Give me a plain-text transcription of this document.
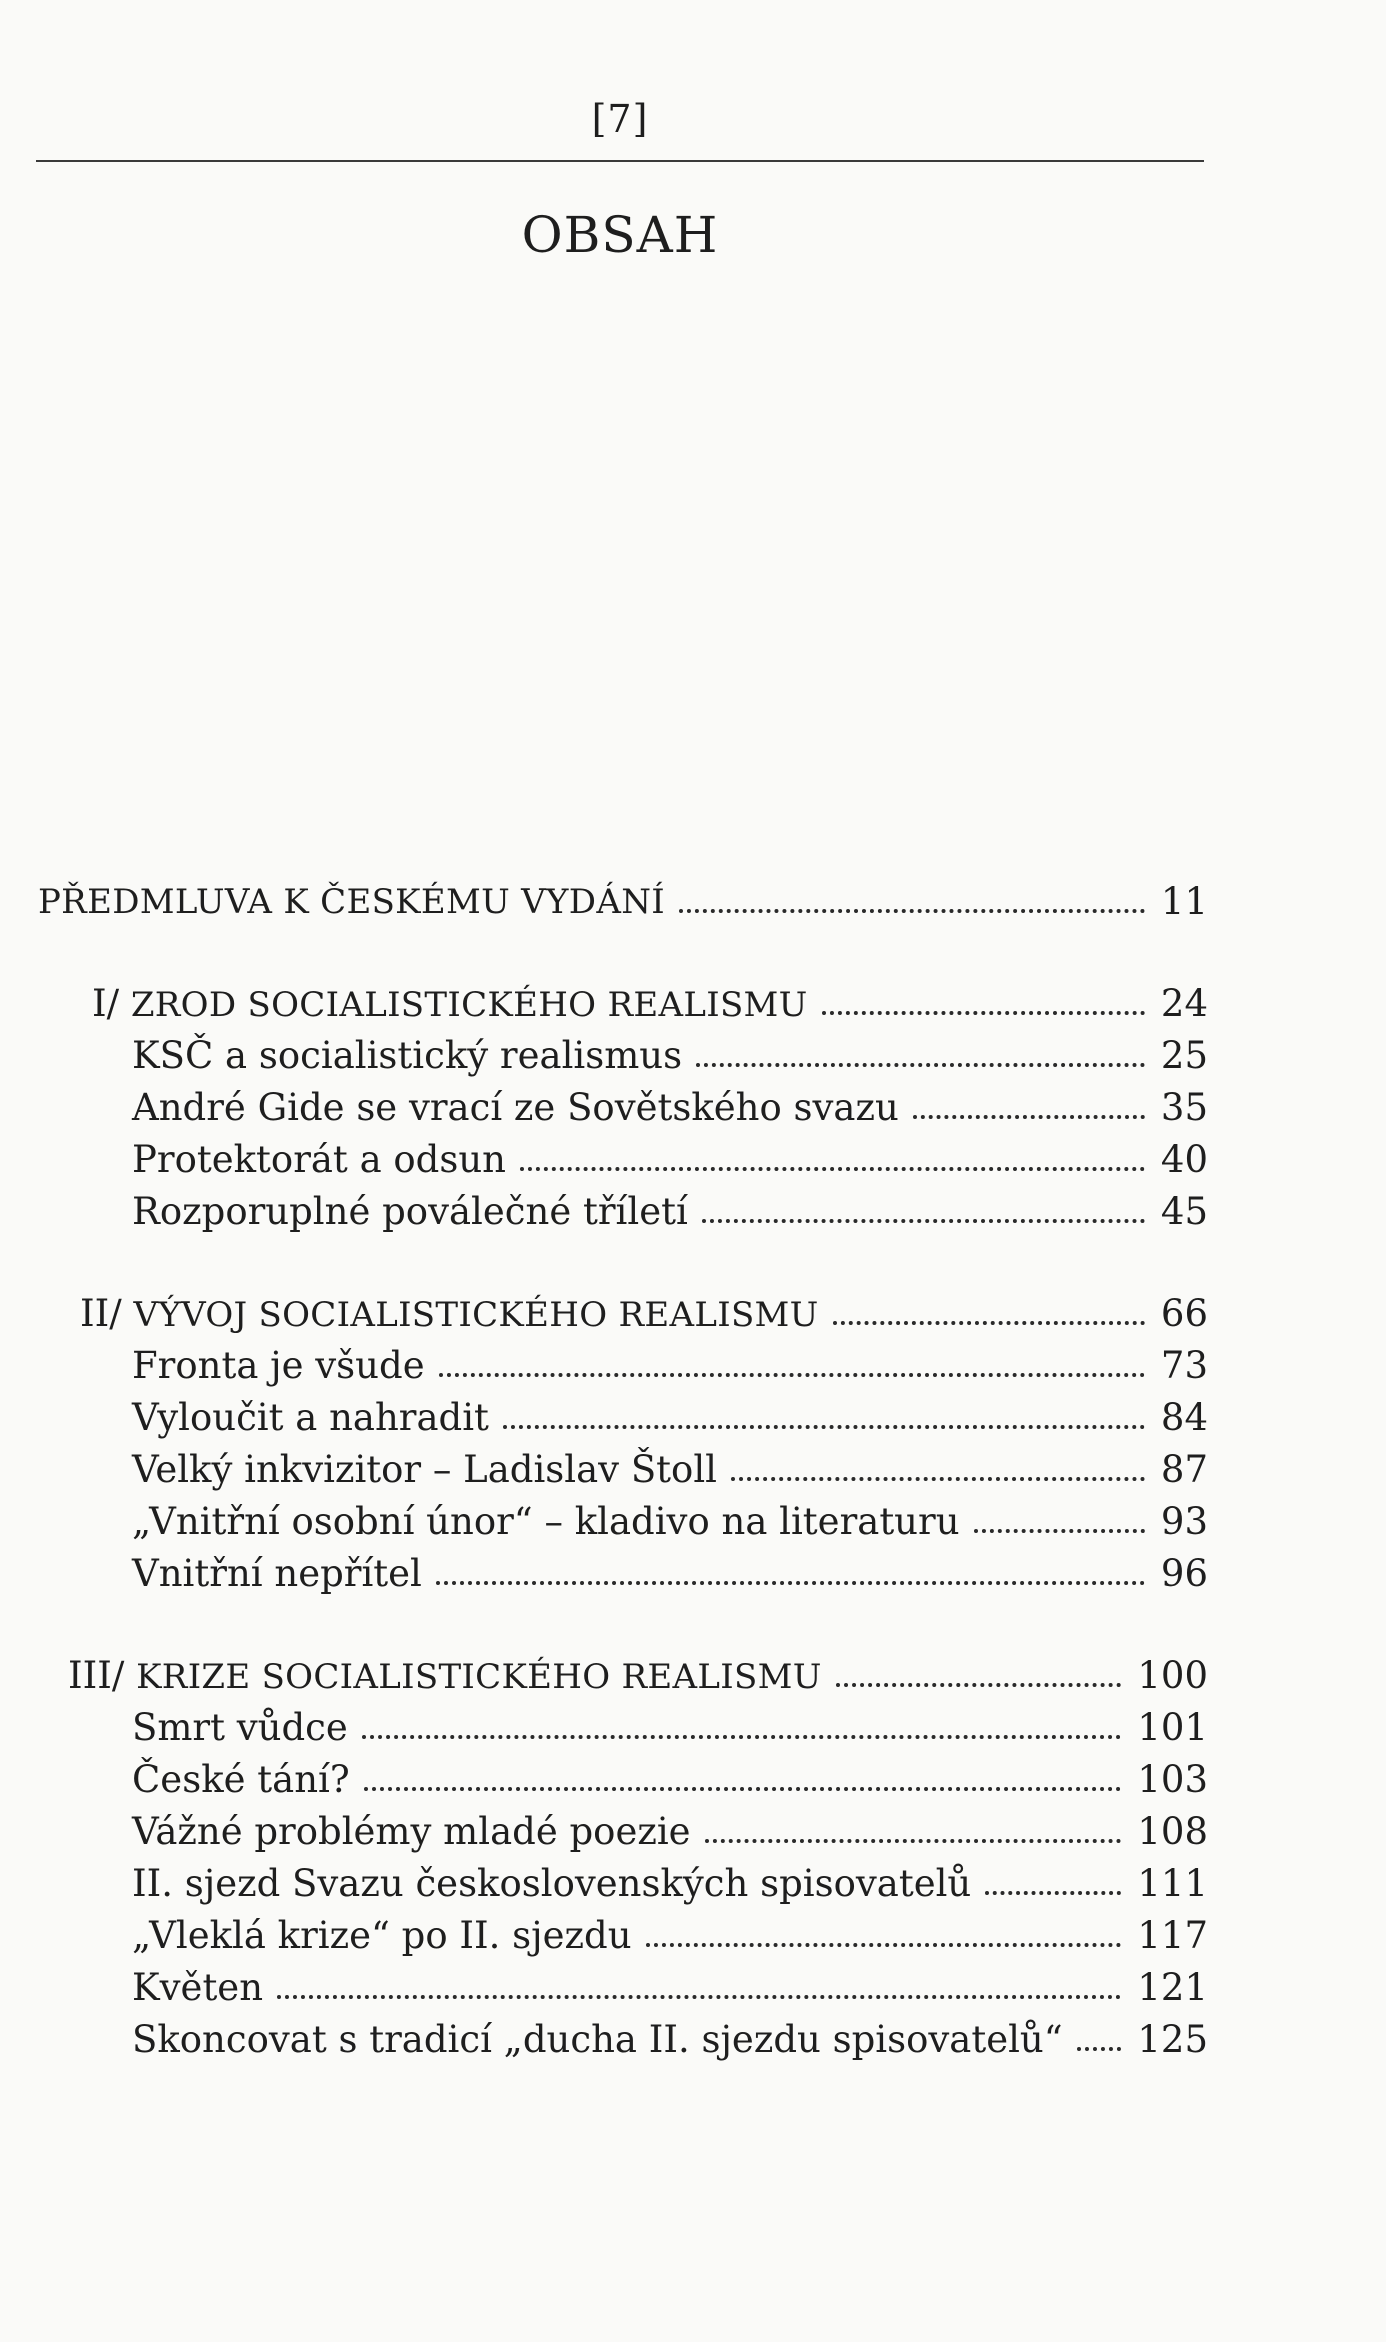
[7]
OBSAH
PŘEDMLUVA K ČESKÉMU VYDÁNÍ	11
I/ ZROD SOCIALISTICKÉHO REALISMU	24
KSČ a socialistický realismus	25
André Gide se vrací ze Sovětského svazu	35
Protektorát a odsun	40
Rozporuplné poválečné tříletí	45
II/ VÝVOJ SOCIALISTICKÉHO REALISMU	66
Fronta je všude	73
Vyloučit a nahradit	84
Velký inkvizitor – Ladislav Štoll	87
„Vnitřní osobní únor“ – kladivo na literaturu	93
Vnitřní nepřítel	96
III/ KRIZE SOCIALISTICKÉHO REALISMU	100
Smrt vůdce	101
České tání?	103
Vážné problémy mladé poezie	108
II. sjezd Svazu československých spisovatelů	111
„Vleklá krize“ po II. sjezdu	117
Květen	121
Skoncovat s tradicí „ducha II. sjezdu spisovatelů“ 125
